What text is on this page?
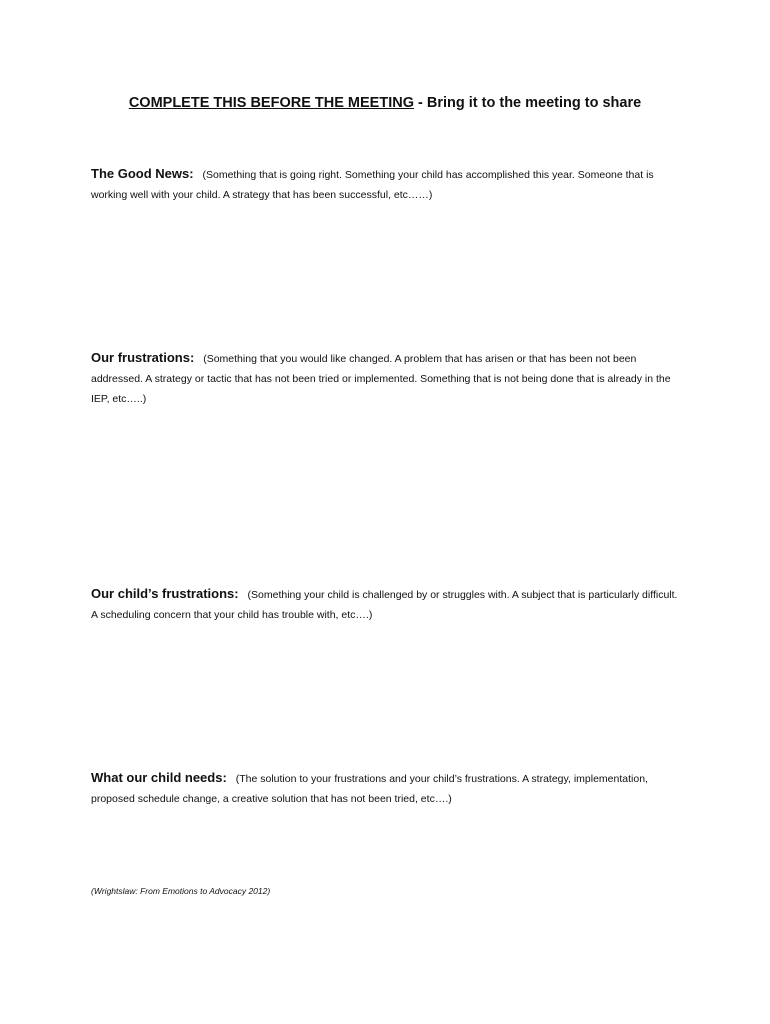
COMPLETE THIS BEFORE THE MEETING - Bring it to the meeting to share
The Good News: (Something that is going right. Something your child has accomplished this year. Someone that is working well with your child. A strategy that has been successful, etc……)
Our frustrations: (Something that you would like changed. A problem that has arisen or that has been not been addressed. A strategy or tactic that has not been tried or implemented. Something that is not being done that is already in the IEP, etc…..)
Our child’s frustrations: (Something your child is challenged by or struggles with. A subject that is particularly difficult. A scheduling concern that your child has trouble with, etc….)
What our child needs: (The solution to your frustrations and your child’s frustrations. A strategy, implementation, proposed schedule change, a creative solution that has not been tried, etc….)
(Wrightslaw: From Emotions to Advocacy 2012)
